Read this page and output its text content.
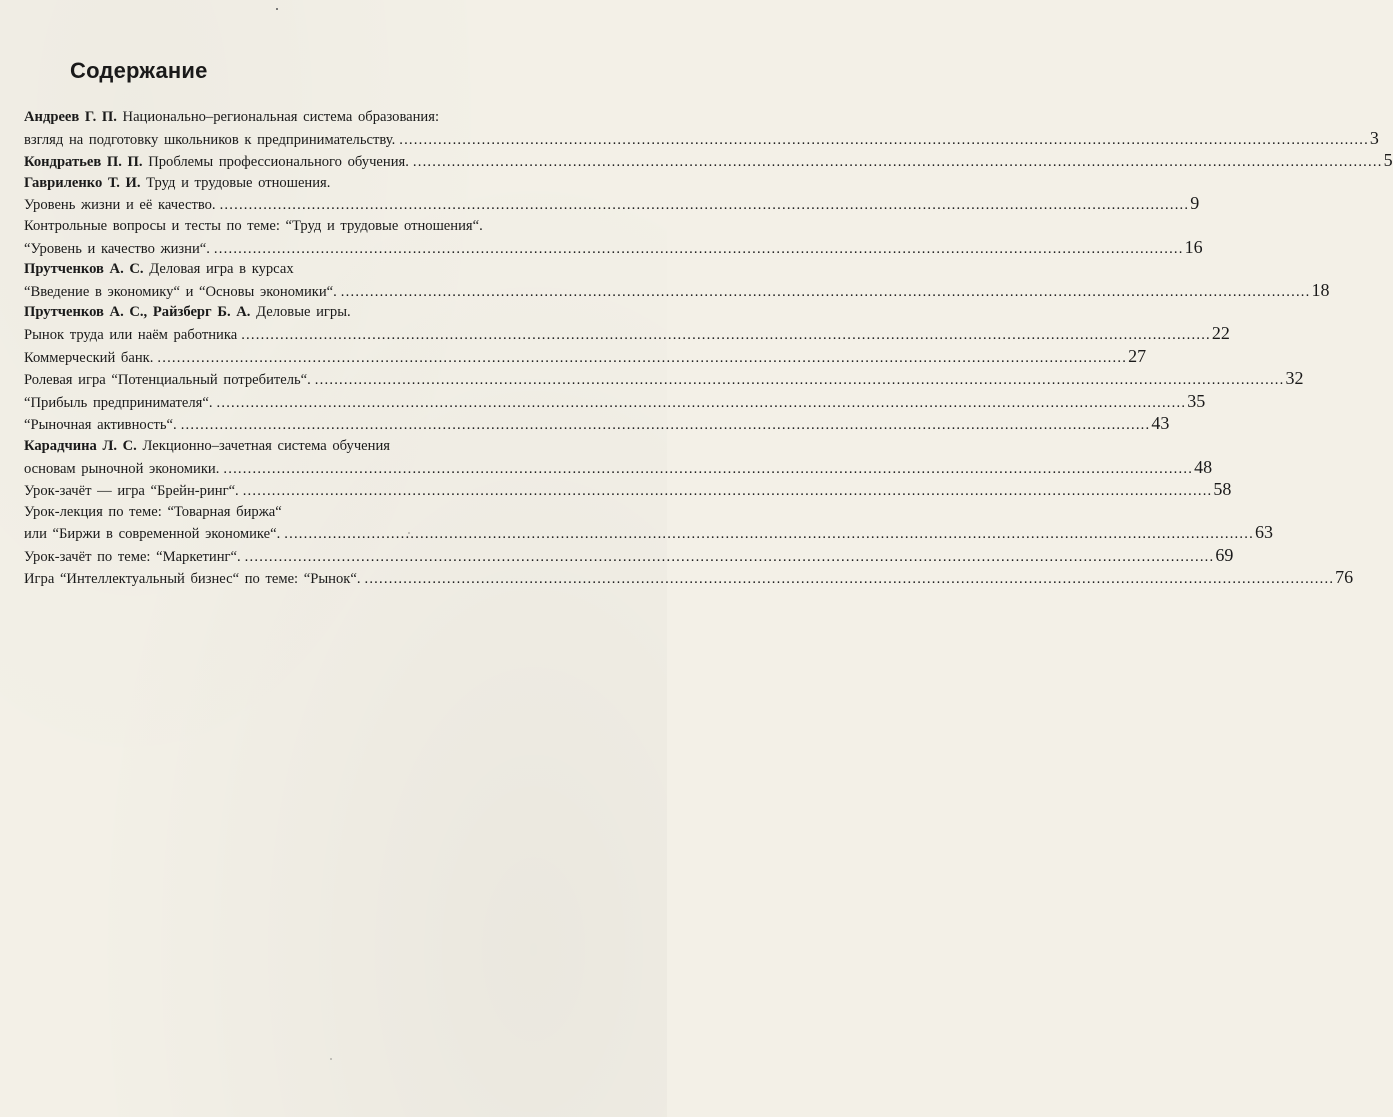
Содержание
Андреев Г. П. Национально–региональная система образования:
взгляд на подготовку школьников к предпринимательству. ........................................................................................................................................................................................................ 3
Кондратьев П. П. Проблемы профессионального обучения. ........................................................................................................................................................................................................ 5
Гавриленко Т. И. Труд и трудовые отношения.
Уровень жизни и её качество. ........................................................................................................................................................................................................ 9
Контрольные вопросы и тесты по теме: “Труд и трудовые отношения“.
“Уровень и качество жизни“. ........................................................................................................................................................................................................ 16
Прутченков А. С. Деловая игра в курсах
“Введение в экономику“ и “Основы экономики“. ........................................................................................................................................................................................................ 18
Прутченков А. С., Райзберг Б. А. Деловые игры.
Рынок труда или наём работника ........................................................................................................................................................................................................ 22
Коммерческий банк. ........................................................................................................................................................................................................ 27
Ролевая игра “Потенциальный потребитель“. ........................................................................................................................................................................................................ 32
“Прибыль предпринимателя“. ........................................................................................................................................................................................................ 35
“Рыночная активность“. ........................................................................................................................................................................................................ 43
Карадчина Л. С. Лекционно–зачетная система обучения
основам рыночной экономики. ........................................................................................................................................................................................................ 48
Урок-зачёт — игра “Брейн-ринг“. ........................................................................................................................................................................................................ 58
Урок-лекция по теме: “Товарная биржа“
или “Биржи в современной экономике“. ........................................................................................................................................................................................................ 63
Урок-зачёт по теме: “Маркетинг“. ........................................................................................................................................................................................................ 69
Игра “Интеллектуальный бизнес“ по теме: “Рынок“. ........................................................................................................................................................................................................ 76
